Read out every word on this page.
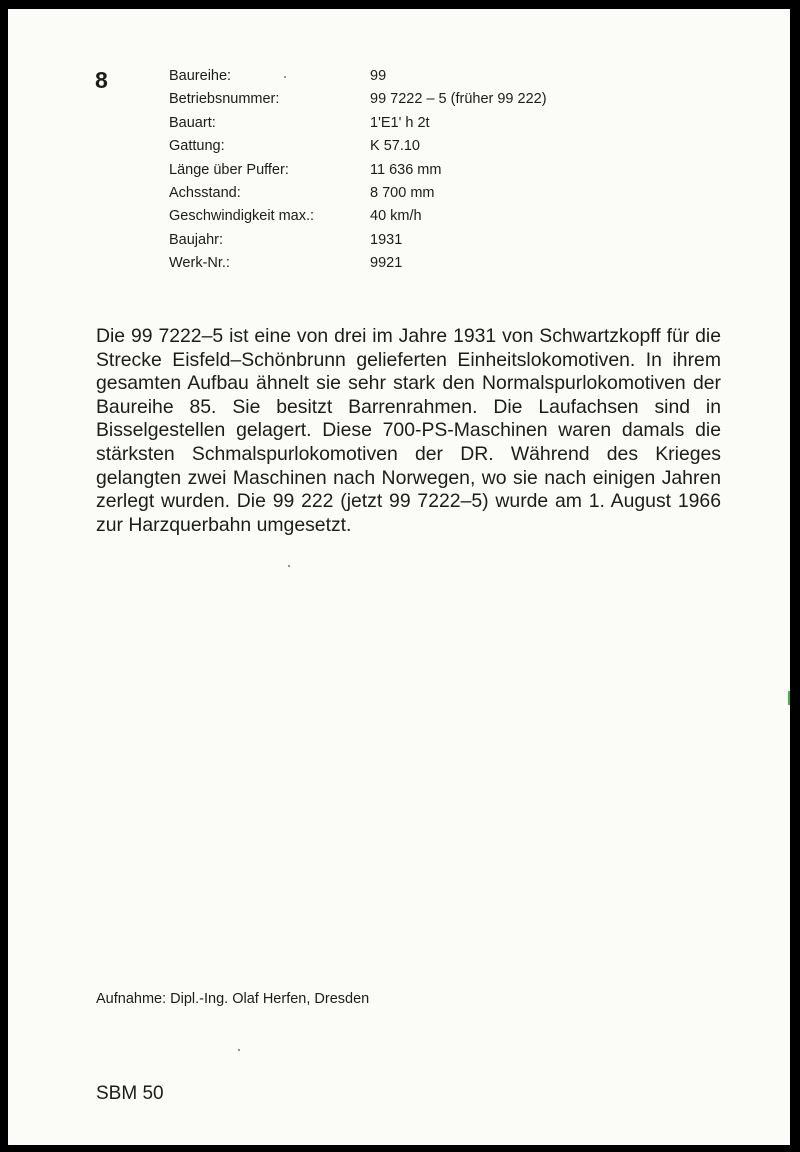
8	Baureihe:	99
Betriebsnummer:	99 7222 – 5 (früher 99 222)
Bauart:	1'E1' h 2t
Gattung:	K 57.10
Länge über Puffer:	11 636 mm
Achsstand:	8 700 mm
Geschwindigkeit max.:	40 km/h
Baujahr:	1931
Werk-Nr.:	9921

Die 99 7222–5 ist eine von drei im Jahre 1931 von Schwartzkopff für die Strecke Eisfeld–Schönbrunn gelieferten Einheitslokomotiven. In ihrem gesamten Aufbau ähnelt sie sehr stark den Normalspurlokomotiven der Baureihe 85. Sie besitzt Barrenrahmen. Die Laufachsen sind in Bisselgestellen gelagert. Diese 700-PS-Maschinen waren damals die stärksten Schmalspurlokomotiven der DR. Während des Krieges gelangten zwei Maschinen nach Norwegen, wo sie nach einigen Jahren zerlegt wurden. Die 99 222 (jetzt 99 7222–5) wurde am 1. August 1966 zur Harzquerbahn umgesetzt.

Aufnahme: Dipl.-Ing. Olaf Herfen, Dresden
SBM 50
